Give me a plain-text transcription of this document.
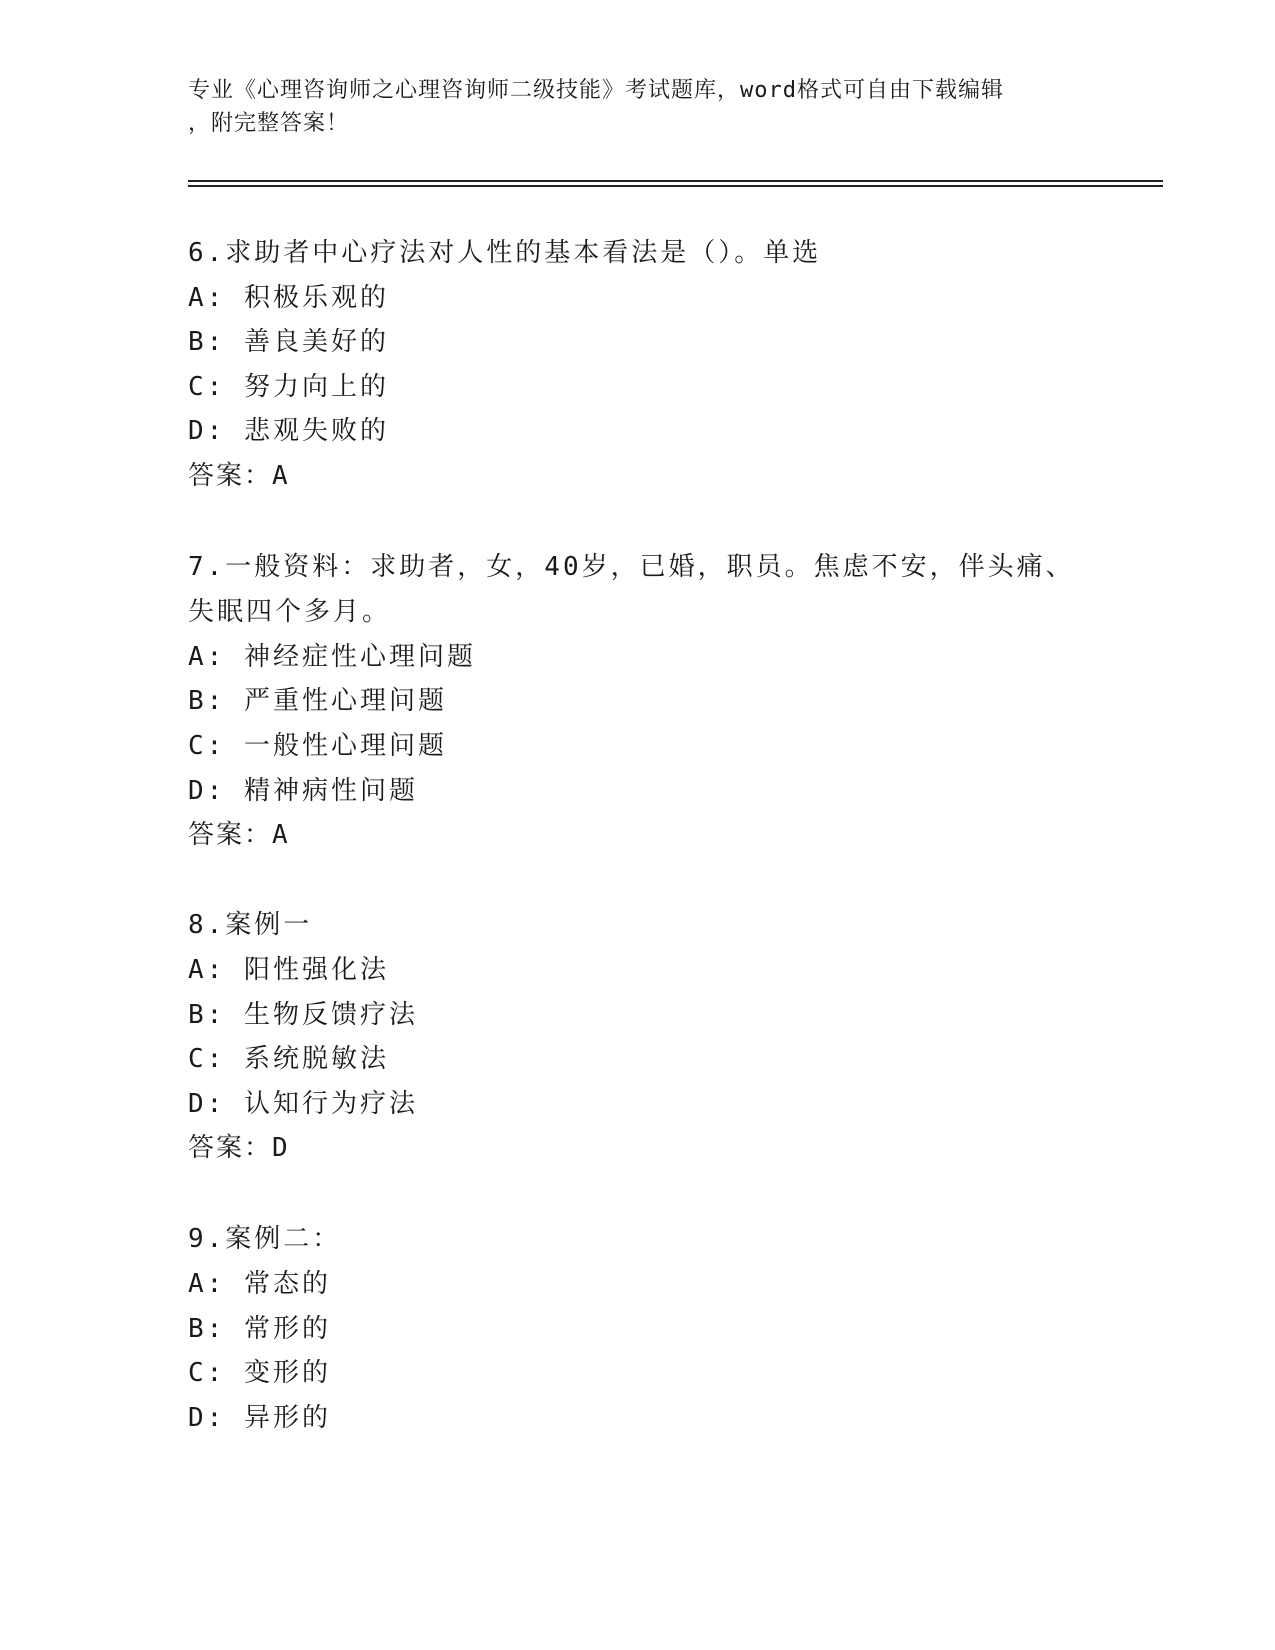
专业《心理咨询师之心理咨询师二级技能》考试题库，word格式可自由下载编辑
，附完整答案！
6.求助者中心疗法对人性的基本看法是（）。单选
A: 积极乐观的
B: 善良美好的
C: 努力向上的
D: 悲观失败的
答案：A
7.一般资料：求助者，女，40岁，已婚，职员。焦虑不安，伴头痛、
失眠四个多月。
A: 神经症性心理问题
B: 严重性心理问题
C: 一般性心理问题
D: 精神病性问题
答案：A
8.案例一
A: 阳性强化法
B: 生物反馈疗法
C: 系统脱敏法
D: 认知行为疗法
答案：D
9.案例二：
A: 常态的
B: 常形的
C: 变形的
D: 异形的
